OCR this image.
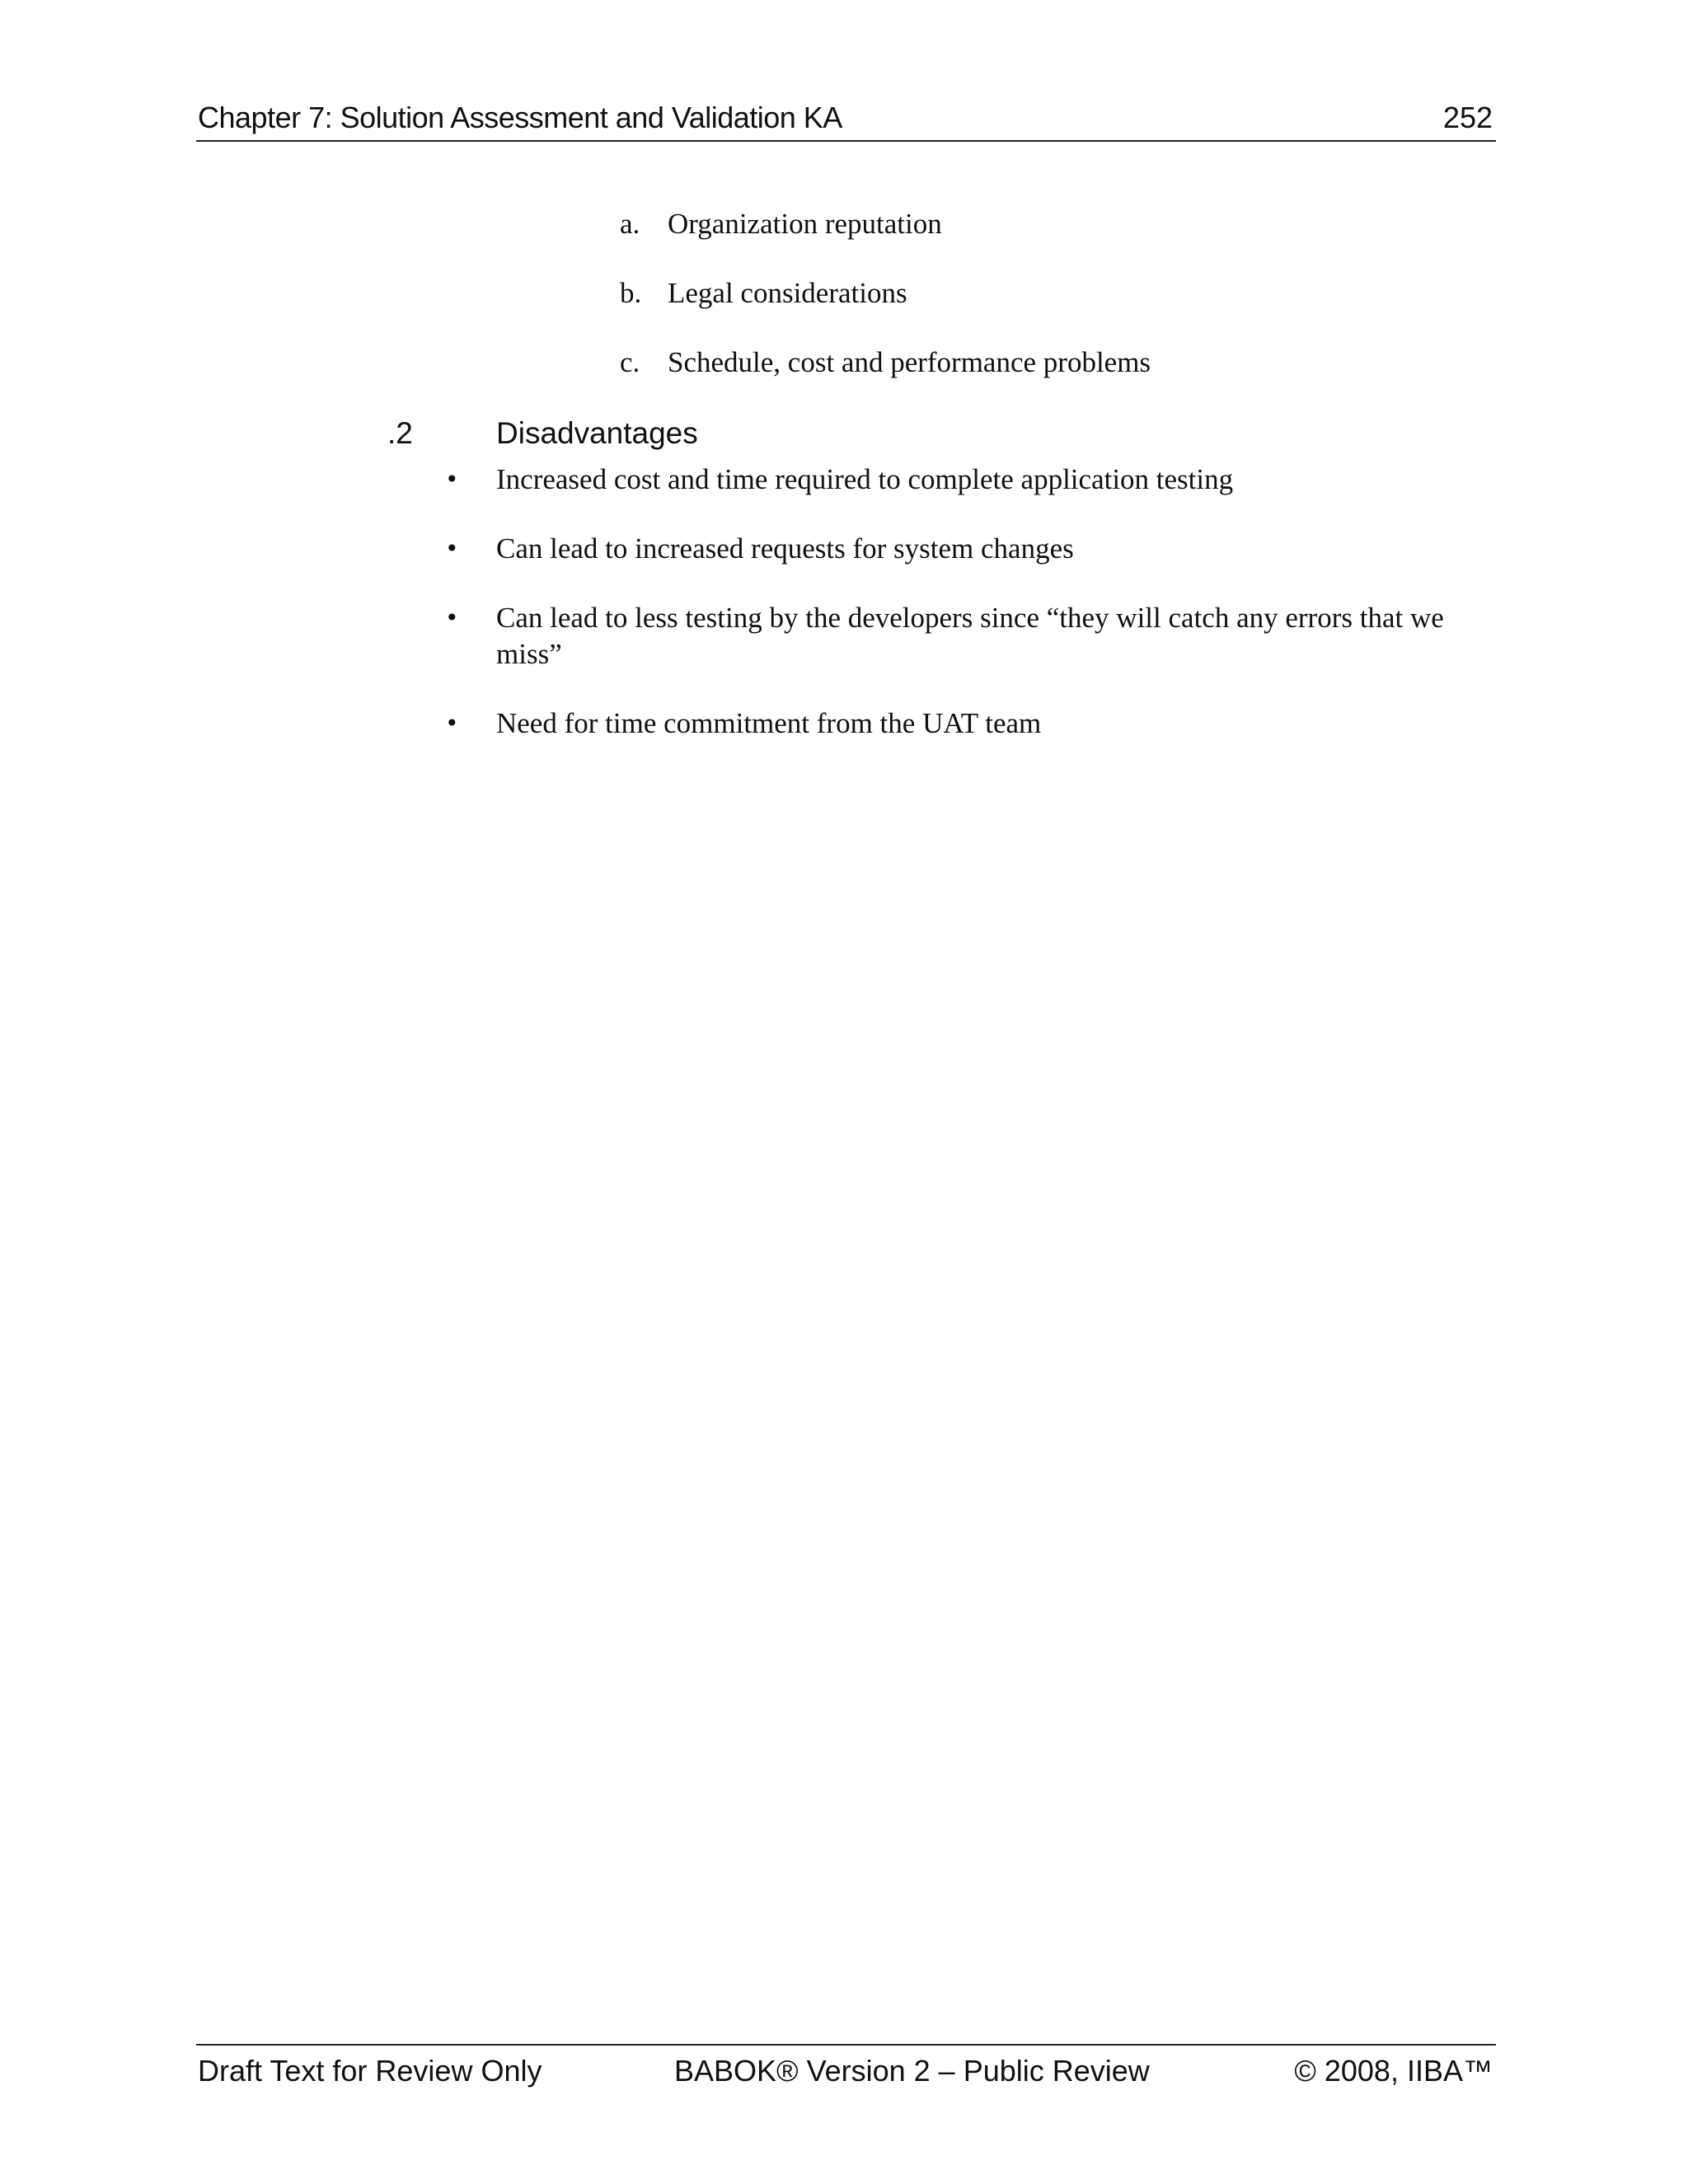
Chapter 7: Solution Assessment and Validation KA	252
a. Organization reputation
b. Legal considerations
c. Schedule, cost and performance problems
.2	Disadvantages
• Increased cost and time required to complete application testing
• Can lead to increased requests for system changes
• Can lead to less testing by the developers since “they will catch any errors that we miss”
• Need for time commitment from the UAT team
Draft Text for Review Only	BABOK® Version 2 – Public Review	© 2008, IIBA™
